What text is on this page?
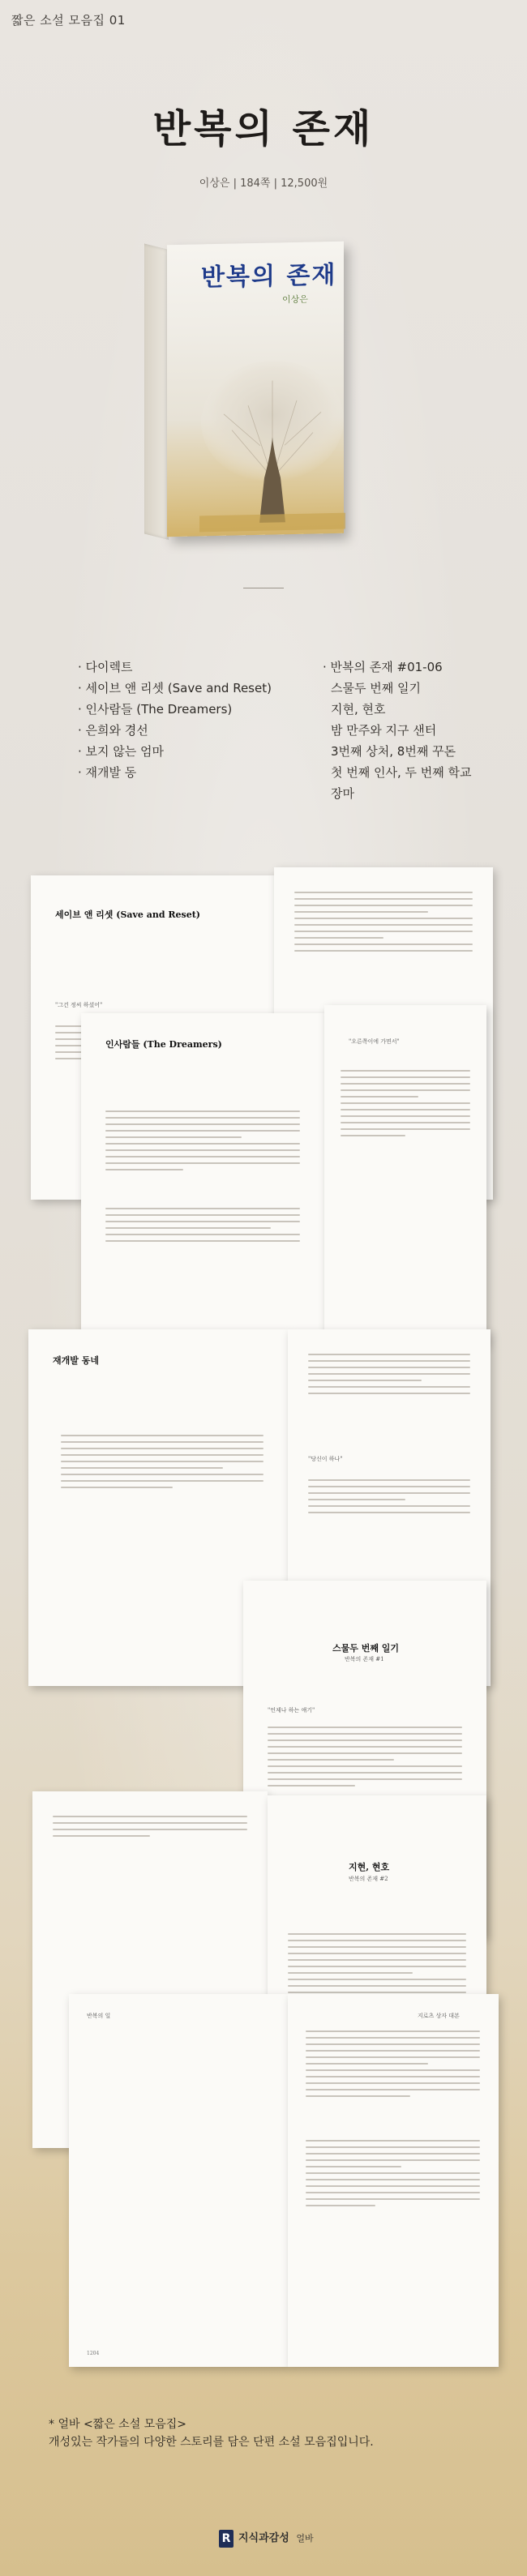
짧은 소설 모음집 01
반복의 존재
이상은 | 184쪽 | 12,500원
반복의 존재
이상은
· 다이렉트
· 세이브 앤 리셋 (Save and Reset)
· 인사람들 (The Dreamers)
· 은희와 경선
· 보지 않는 엄마
· 재개발 동
· 반복의 존재 #01-06
스물두 번째 일기
지현, 현호
밤 만주와 지구 샌터
3번째 상처, 8번째 꾸돈
첫 번째 인사, 두 번째 학교
장마
세이브 앤 리셋 (Save and Reset)
"그건 정씨 하셨어"
인사람들 (The Dreamers)	"오른쪽이에 가면서"
재개발 동네
"당신이 하나"
스물두 번째 일기
반복의 존재 #1
"언제나 하는 얘기"
지현, 현호
반복의 존재 #2
반복의 일
1204
지로츠 상자 대본
* 얼바 <짧은 소설 모음집>
개성있는 작가들의 다양한 스토리를 담은 단편 소설 모음집입니다.
R 지식과감성 얼바
